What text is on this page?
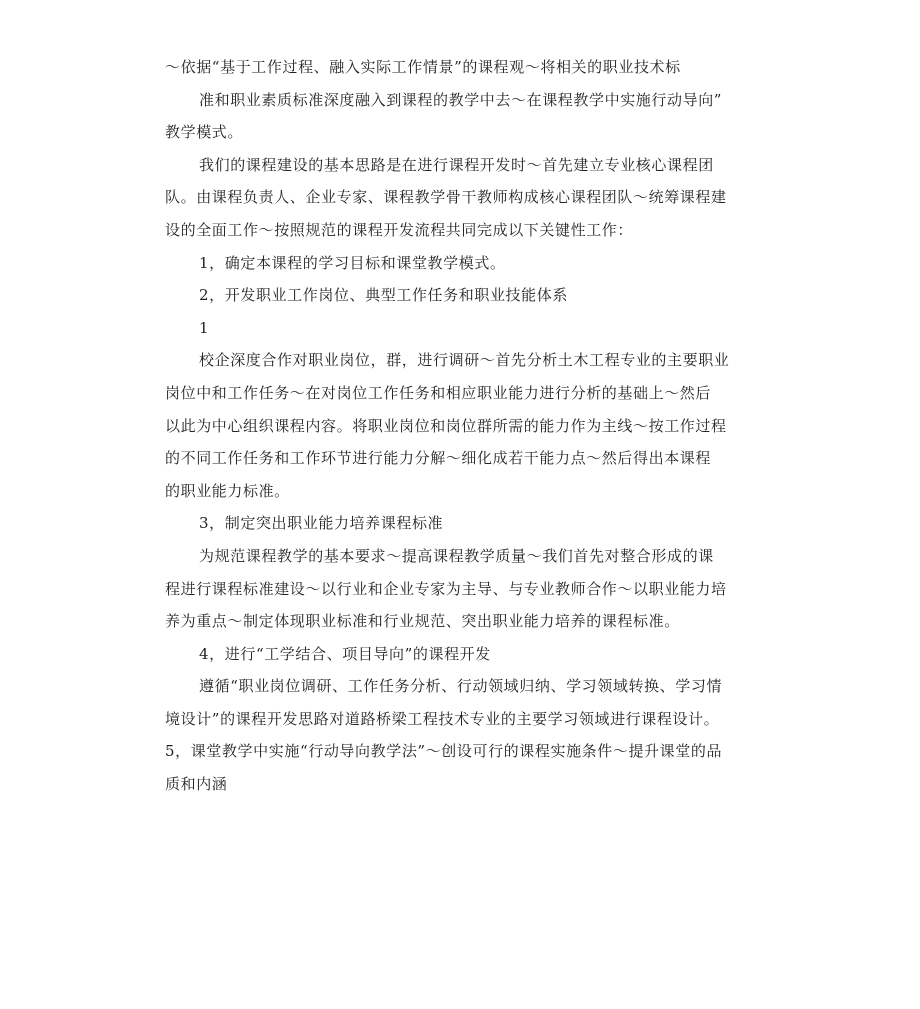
～依据“基于工作过程、融入实际工作情景”的课程观～将相关的职业技术标
准和职业素质标准深度融入到课程的教学中去～在课程教学中实施行动导向”
教学模式。
我们的课程建设的基本思路是在进行课程开发时～首先建立专业核心课程团
队。由课程负责人、企业专家、课程教学骨干教师构成核心课程团队～统筹课程建
设的全面工作～按照规范的课程开发流程共同完成以下关键性工作：
1，确定本课程的学习目标和课堂教学模式。
2，开发职业工作岗位、典型工作任务和职业技能体系
1
校企深度合作对职业岗位，群，进行调研～首先分析土木工程专业的主要职业
岗位中和工作任务～在对岗位工作任务和相应职业能力进行分析的基础上～然后
以此为中心组织课程内容。将职业岗位和岗位群所需的能力作为主线～按工作过程
的不同工作任务和工作环节进行能力分解～细化成若干能力点～然后得出本课程
的职业能力标准。
3，制定突出职业能力培养课程标准
为规范课程教学的基本要求～提高课程教学质量～我们首先对整合形成的课
程进行课程标准建设～以行业和企业专家为主导、与专业教师合作～以职业能力培
养为重点～制定体现职业标准和行业规范、突出职业能力培养的课程标准。
4，进行“工学结合、项目导向”的课程开发
遵循“职业岗位调研、工作任务分析、行动领域归纳、学习领域转换、学习情
境设计”的课程开发思路对道路桥梁工程技术专业的主要学习领域进行课程设计。
5，课堂教学中实施“行动导向教学法”～创设可行的课程实施条件～提升课堂的品
质和内涵
